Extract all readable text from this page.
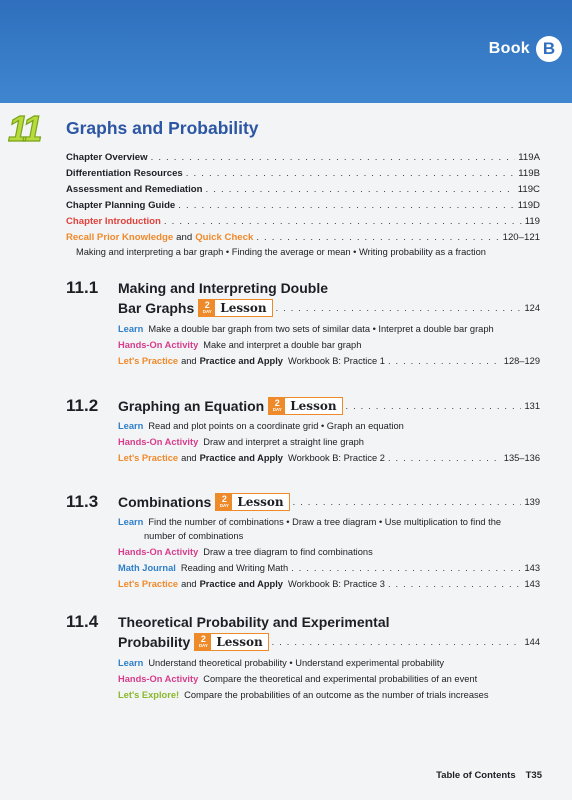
Book B
11 Graphs and Probability
Chapter Overview . . .	119A
Differentiation Resources . . .	119B
Assessment and Remediation . . .	119C
Chapter Planning Guide . . .	119D
Chapter Introduction . . .	119
Recall Prior Knowledge and Quick Check . . .	120–121
Making and interpreting a bar graph • Finding the average or mean • Writing probability as a fraction
11.1 Making and Interpreting Double
Bar Graphs 2
DAY Lesson . . .	124
Learn Make a double bar graph from two sets of similar data • Interpret a double bar graph
Hands-On Activity Make and interpret a double bar graph
Let's Practice and Practice and Apply Workbook B: Practice 1 . . .	128–129
11.2 Graphing an Equation 2
DAY Lesson . . .	131
Learn Read and plot points on a coordinate grid • Graph an equation
Hands-On Activity Draw and interpret a straight line graph
Let's Practice and Practice and Apply Workbook B: Practice 2 . . .	135–136
11.3 Combinations 2
DAY Lesson . . .	139
Learn Find the number of combinations • Draw a tree diagram • Use multiplication to find the
number of combinations
Hands-On Activity Draw a tree diagram to find combinations
Math Journal Reading and Writing Math . . .	143
Let's Practice and Practice and Apply Workbook B: Practice 3 . . .	143
11.4 Theoretical Probability and Experimental
Probability 2
DAY Lesson . . .	144
Learn Understand theoretical probability • Understand experimental probability
Hands-On Activity Compare the theoretical and experimental probabilities of an event
Let's Explore! Compare the probabilities of an outcome as the number of trials increases
Table of Contents T35
